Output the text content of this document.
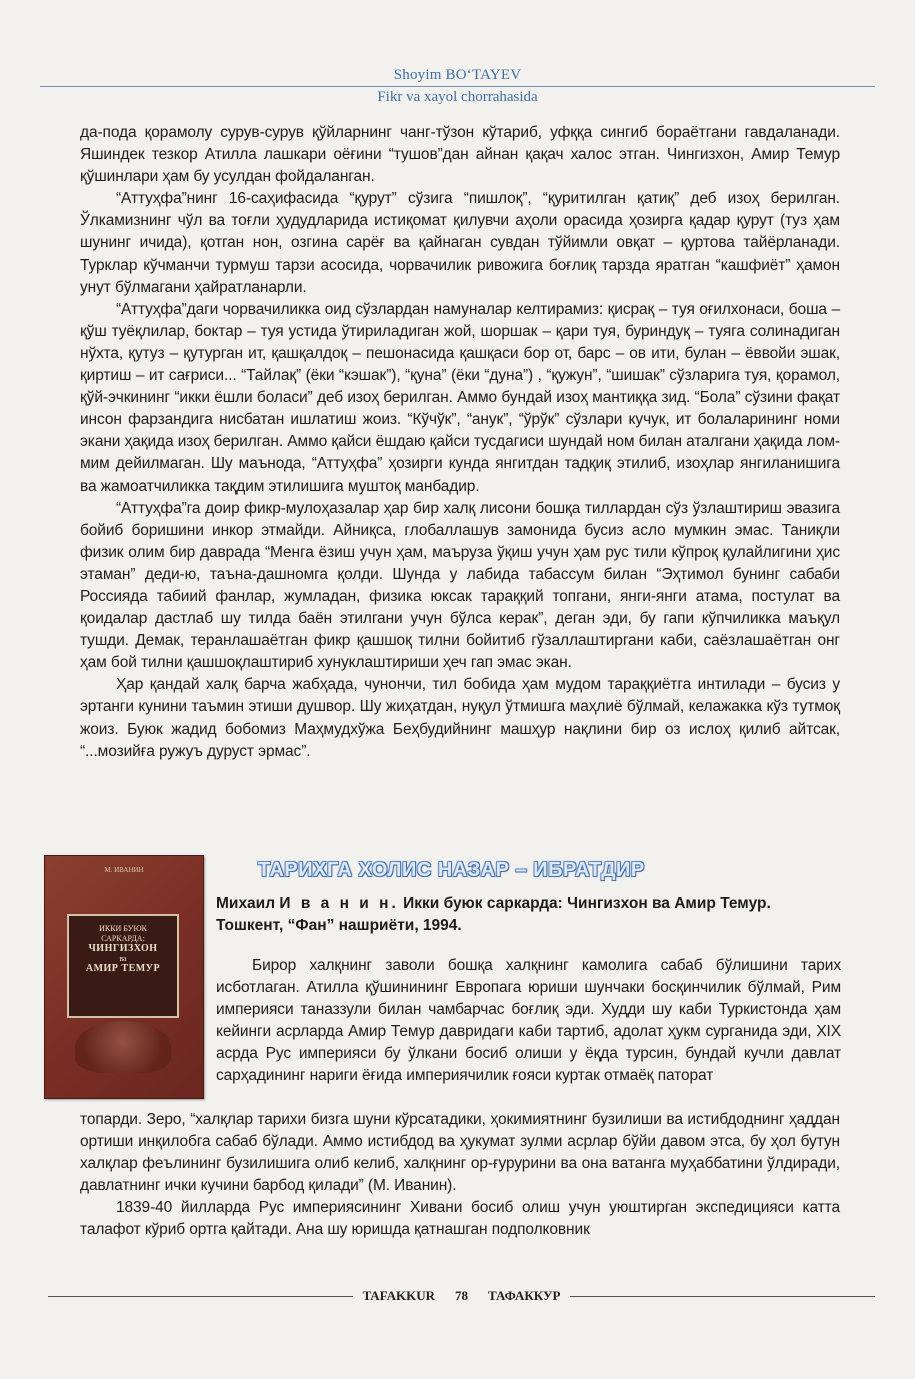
Shoyim BO‘TAYEV
Fikr va xayol chorrahasida

да-пода қорамолу сурув-сурув қўйларнинг чанг-тўзон кўтариб, уфққа сингиб бораётгани гавдаланади. Яшиндек тезкор Атилла лашкари оёғини “тушов”дан айнан қақач халос этган. Чингизхон, Амир Темур қўшинлари ҳам бу усулдан фойдаланган.

“Аттуҳфа”нинг 16-саҳифасида “қурут” сўзига “пишлоқ”, “қуритилган қатиқ” деб изоҳ берилган. Ўлкамизнинг чўл ва тоғли ҳудудларида истиқомат қилувчи аҳоли орасида ҳозирга қадар қурут (туз ҳам шунинг ичида), қотган нон, озгина сарёғ ва қайнаган сувдан тўйимли овқат – қуртова тайёрланади. Турклар кўчманчи турмуш тарзи асосида, чорвачилик ривожига боғлиқ тарзда яратган “кашфиёт” ҳамон унут бўлмагани ҳайратланарли.

“Аттуҳфа”даги чорвачиликка оид сўзлардан намуналар келтирамиз: қисрақ – туя оғилхонаси, боша – қўш туёқлилар, боктар – туя устида ўтириладиган жой, шоршак – қари туя, буриндуқ – туяга солинадиган нўхта, қутуз – қутурган ит, қашқалдоқ – пешонасида қашқаси бор от, барс – ов ити, булан – ёввойи эшак, қиртиш – ит сағриси... “Тайлақ” (ёки “кэшак”), “қуна” (ёки “дуна”) , “қужун”, “шишак” сўзларига туя, қорамол, қўй-эчкининг “икки ёшли боласи” деб изоҳ берилган. Аммо бундай изоҳ мантиққа зид. “Бола” сўзини фақат инсон фарзандига нисбатан ишлатиш жоиз. “Кўчўк”, “анук”, “ўрўк” сўзлари кучук, ит болаларининг номи экани ҳақида изоҳ берилган. Аммо қайси ёшдаю қайси тусдагиси шундай ном билан аталгани ҳақида лом-мим дейилмаган. Шу маънода, “Аттуҳфа” ҳозирги кунда янгитдан тадқиқ этилиб, изоҳлар янгиланишига ва жамоатчиликка тақдим этилишига муштоқ манбадир.

“Аттуҳфа”га доир фикр-мулоҳазалар ҳар бир халқ лисони бошқа тиллардан сўз ўзлаштириш эвазига бойиб боришини инкор этмайди. Айниқса, глобаллашув замонида бусиз асло мумкин эмас. Таниқли физик олим бир даврада “Менга ёзиш учун ҳам, маъруза ўқиш учун ҳам рус тили кўпроқ қулайлигини ҳис этаман” деди-ю, таъна-дашномга қолди. Шунда у лабида табассум билан “Эҳтимол бунинг сабаби Россияда табиий фанлар, жумладан, физика юксак тараққий топгани, янги-янги атама, постулат ва қоидалар дастлаб шу тилда баён этилгани учун бўлса керак”, деган эди, бу гапи кўпчиликка маъқул тушди. Демак, теранлашаётган фикр қашшоқ тилни бойитиб гўзаллаштиргани каби, саёзлашаётган онг ҳам бой тилни қашшоқлаштириб хунуклаштириши ҳеч гап эмас экан.

Ҳар қандай халқ барча жабҳада, чунончи, тил бобида ҳам мудом тараққиётга интилади – бусиз у эртанги кунини таъмин этиши душвор. Шу жиҳатдан, нуқул ўтмишга маҳлиё бўлмай, келажакка кўз тутмоқ жоиз. Буюк жадид бобомиз Маҳмудхўжа Беҳбудийнинг машҳур нақлини бир оз ислоҳ қилиб айтсак, “...мозийға ружуъ дуруст эрмас”.

ТАРИХГА ХОЛИС НАЗАР – ИБРАТДИР
М. ИВАНИН
ИККИ БУЮК
САРКАРДА:
ЧИНГИЗХОН
ва
АМИР ТЕМУР
Михаил И в а н и н. Икки буюк саркарда: Чингизхон ва Амир Темур.
Тошкент, “Фан” нашриёти, 1994.

Бирор халқнинг заволи бошқа халқнинг камолига сабаб бўлишини тарих исботлаган. Атилла қўшинининг Европага юриши шунчаки босқинчилик бўлмай, Рим империяси таназзули билан чамбарчас боғлиқ эди. Худди шу каби Туркистонда ҳам кейинги асрларда Амир Темур давридаги каби тартиб, адолат ҳукм сурганида эди, XIX асрда Рус империяси бу ўлкани босиб олиши у ёқда турсин, бундай кучли давлат сарҳадининг нариги ёғида империячилик ғояси куртак отмаёқ паторат

топарди. Зеро, “халқлар тарихи бизга шуни кўрсатадики, ҳокимиятнинг бузилиши ва истибдоднинг ҳаддан ортиши инқилобга сабаб бўлади. Аммо истибдод ва ҳукумат зулми асрлар бўйи давом этса, бу ҳол бутун халқлар феълининг бузилишига олиб келиб, халқнинг ор-ғурурини ва она ватанга муҳаббатини ўлдиради, давлатнинг ички кучини барбод қилади” (М. Иванин).

1839-40 йилларда Рус империясининг Хивани босиб олиш учун уюштирган экспедицияси катта талафот кўриб ортга қайтади. Ана шу юришда қатнашган подполковник

TAFAKKUR	78	ТАФАККУР
